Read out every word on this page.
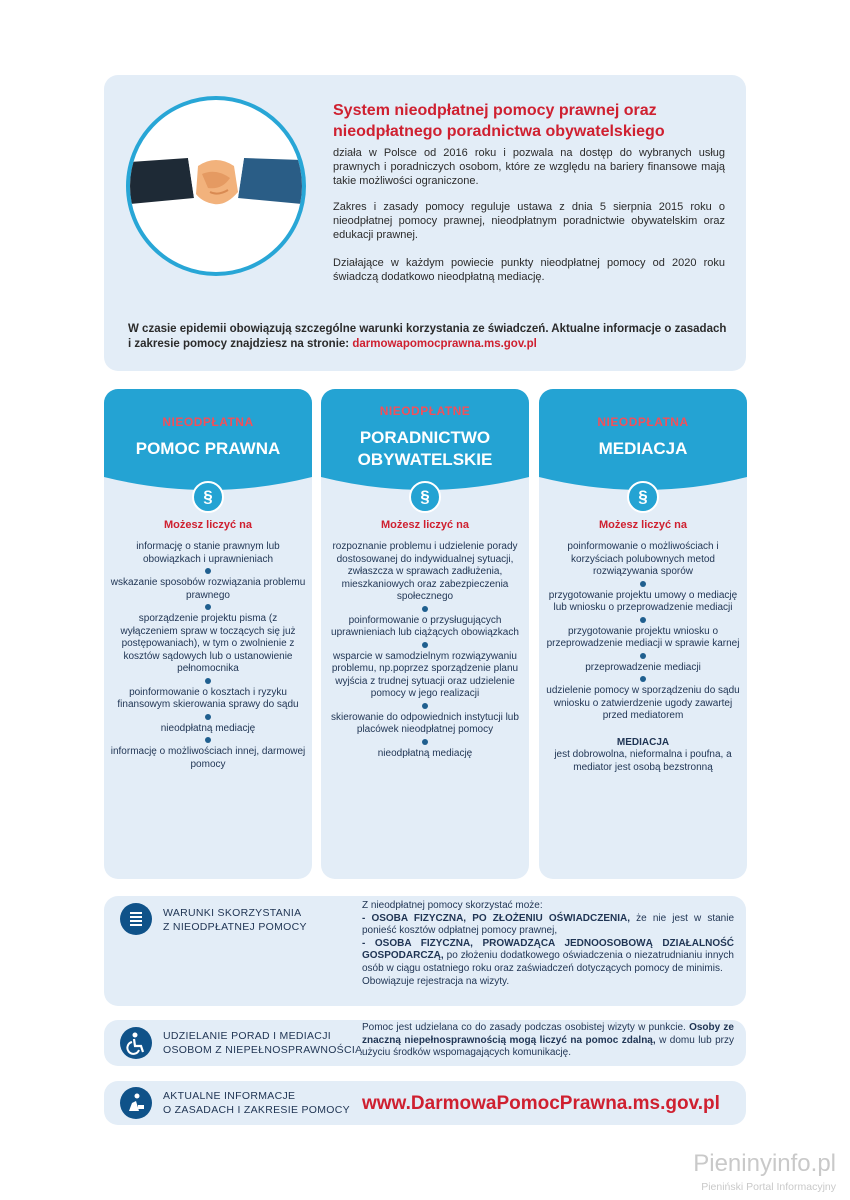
System nieodpłatnej pomocy prawnej oraz
nieodpłatnego poradnictwa obywatelskiego
działa w Polsce od 2016 roku i pozwala na dostęp do wybranych usług prawnych i poradniczych osobom, które ze względu na bariery finansowe mają takie możliwości ograniczone.
Zakres i zasady pomocy reguluje ustawa z dnia 5 sierpnia 2015 roku o nieodpłatnej pomocy prawnej, nieodpłatnym poradnictwie obywatelskim oraz edukacji prawnej.
Działające w każdym powiecie punkty nieodpłatnej pomocy od 2020 roku świadczą dodatkowo nieodpłatną mediację.
W czasie epidemii obowiązują szczególne warunki korzystania ze świadczeń. Aktualne informacje o zasadach i zakresie pomocy znajdziesz na stronie: darmowapomocprawna.ms.gov.pl
NIEODPŁATNA
POMOC PRAWNA
§
Możesz liczyć na
informację o stanie prawnym lub obowiązkach i uprawnieniach
wskazanie sposobów rozwiązania problemu prawnego
sporządzenie projektu pisma (z wyłączeniem spraw w toczących się już postępowaniach), w tym o zwolnienie z kosztów sądowych lub o ustanowienie pełnomocnika
poinformowanie o kosztach i ryzyku finansowym skierowania sprawy do sądu
nieodpłatną mediację
informację o możliwościach innej, darmowej pomocy
NIEODPŁATNE
PORADNICTWO
OBYWATELSKIE
§
Możesz liczyć na
rozpoznanie problemu i udzielenie porady dostosowanej do indywidualnej sytuacji, zwłaszcza w sprawach zadłużenia, mieszkaniowych oraz zabezpieczenia społecznego
poinformowanie o przysługujących uprawnieniach lub ciążących obowiązkach
wsparcie w samodzielnym rozwiązywaniu problemu, np.poprzez sporządzenie planu wyjścia z trudnej sytuacji oraz udzielenie pomocy w jego realizacji
skierowanie do odpowiednich instytucji lub placówek nieodpłatnej pomocy
nieodpłatną mediację
NIEODPŁATNA
MEDIACJA
§
Możesz liczyć na
poinformowanie o możliwościach i korzyściach polubownych metod rozwiązywania sporów
przygotowanie projektu umowy o mediację lub wniosku o przeprowadzenie mediacji
przygotowanie projektu wniosku o przeprowadzenie mediacji w sprawie karnej
przeprowadzenie mediacji
udzielenie pomocy w sporządzeniu do sądu wniosku o zatwierdzenie ugody zawartej przed mediatorem
MEDIACJA
jest dobrowolna, nieformalna i poufna, a mediator jest osobą bezstronną
WARUNKI SKORZYSTANIA
Z NIEODPŁATNEJ POMOCY
Z nieodpłatnej pomocy skorzystać może:
- OSOBA FIZYCZNA, PO ZŁOŻENIU OŚWIADCZENIA, że nie jest w stanie ponieść kosztów odpłatnej pomocy prawnej,
- OSOBA FIZYCZNA, PROWADZĄCA JEDNOOSOBOWĄ DZIAŁALNOŚĆ GOSPODARCZĄ, po złożeniu dodatkowego oświadczenia o niezatrudnianiu innych osób w ciągu ostatniego roku oraz zaświadczeń dotyczących pomocy de minimis.
Obowiązuje rejestracja na wizyty.
UDZIELANIE PORAD I MEDIACJI
OSOBOM Z NIEPEŁNOSPRAWNOŚCIĄ
Pomoc jest udzielana co do zasady podczas osobistej wizyty w punkcie. Osoby ze znaczną niepełnosprawnością mogą liczyć na pomoc zdalną, w domu lub przy użyciu środków wspomagających komunikację.
AKTUALNE INFORMACJE
O ZASADACH I ZAKRESIE POMOCY www.DarmowaPomocPrawna.ms.gov.pl
Pieninyinfo.pl
Pieniński Portal Informacyjny
